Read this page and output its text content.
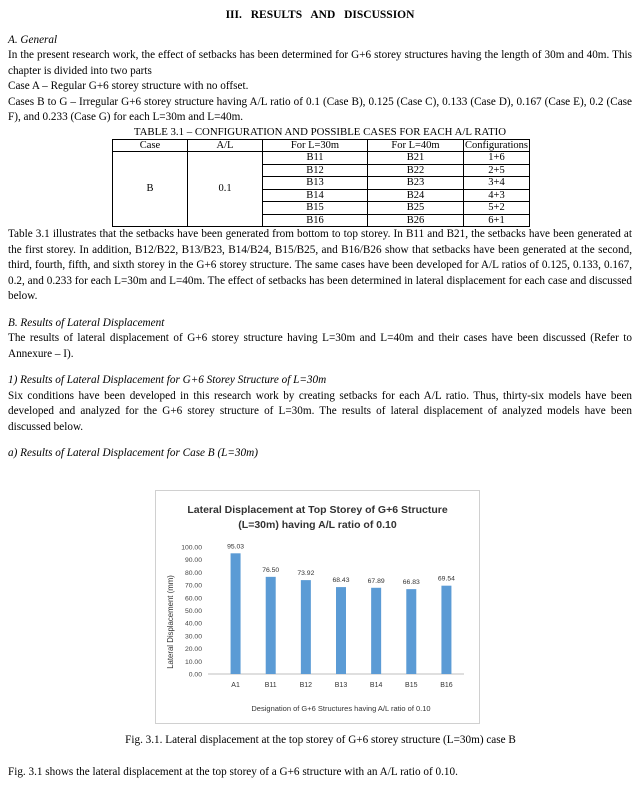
III. RESULTS AND DISCUSSION

A. General

In the present research work, the effect of setbacks has been determined for G+6 storey structures having the length of 30m and 40m. This chapter is divided into two parts

Case A – Regular G+6 storey structure with no offset.

Cases B to G – Irregular G+6 storey structure having A/L ratio of 0.1 (Case B), 0.125 (Case C), 0.133 (Case D), 0.167 (Case E), 0.2 (Case F), and 0.233 (Case G) for each L=30m and L=40m.

TABLE 3.1 – CONFIGURATION AND POSSIBLE CASES FOR EACH A/L RATIO

Case	A/L	For L=30m	For L=40m	Configurations
B	0.1	B11	B21	1+6
		B12	B22	2+5
		B13	B23	3+4
		B14	B24	4+3
		B15	B25	5+2
		B16	B26	6+1

Table 3.1 illustrates that the setbacks have been generated from bottom to top storey. In B11 and B21, the setbacks have been generated at the first storey. In addition, B12/B22, B13/B23, B14/B24, B15/B25, and B16/B26 show that setbacks have been generated at the second, third, fourth, fifth, and sixth storey in the G+6 storey structure. The same cases have been developed for A/L ratios of 0.125, 0.133, 0.167, 0.2, and 0.233 for each L=30m and L=40m. The effect of setbacks has been determined in lateral displacement for each case and discussed below.

B. Results of Lateral Displacement

The results of lateral displacement of G+6 storey structure having L=30m and L=40m and their cases have been discussed (Refer to Annexure – I).

1) Results of Lateral Displacement for G+6 Storey Structure of L=30m

Six conditions have been developed in this research work by creating setbacks for each A/L ratio. Thus, thirty-six models have been developed and analyzed for the G+6 storey structure of L=30m. The results of lateral displacement of analyzed models have been discussed below.

a) Results of Lateral Displacement for Case B (L=30m)

Lateral Displacement at Top Storey of G+6 Structure
(L=30m) having A/L ratio of 0.10
Lateral Displacement (mm)
Designation of G+6 Structures having A/L ratio of 0.10
0.00
10.00
20.00
30.00
40.00
50.00
60.00
70.00
80.00
90.00
100.00	95.03
A1
76.50
B11
73.92
B12
68.43
B13
67.89
B14
66.83
B15
69.54
B16

Fig. 3.1. Lateral displacement at the top storey of G+6 storey structure (L=30m) case B

Fig. 3.1 shows the lateral displacement at the top storey of a G+6 structure with an A/L ratio of 0.10.
